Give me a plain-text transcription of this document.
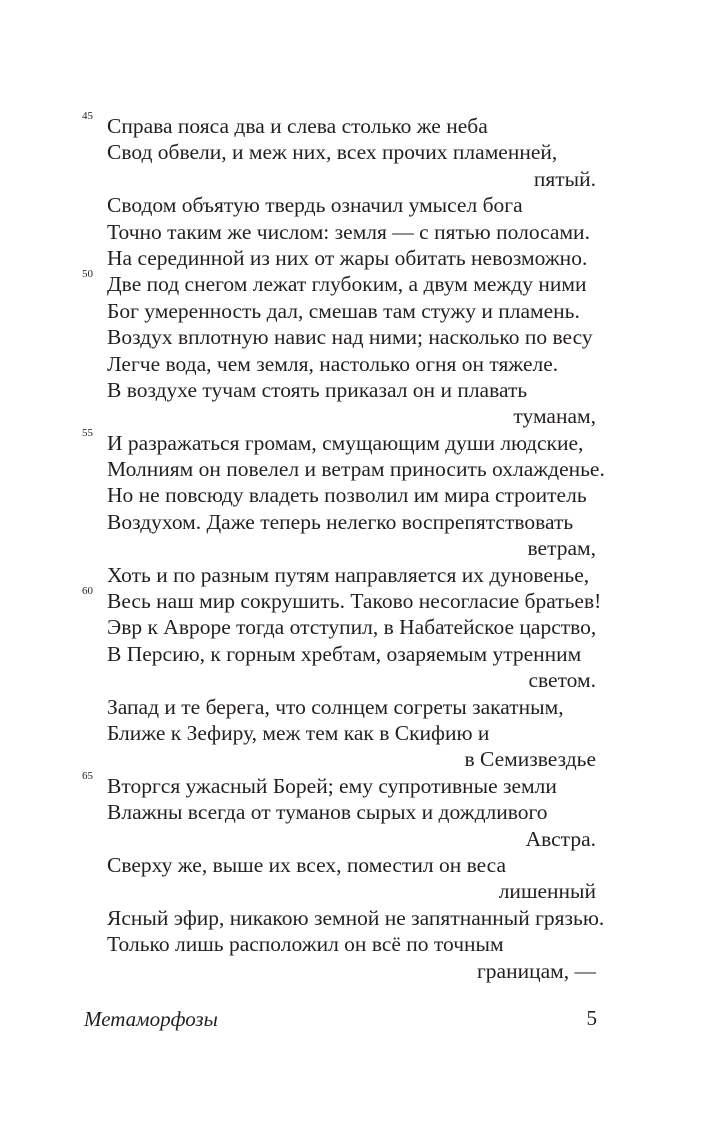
45 Справа пояса два и слева столько же неба
Свод обвели, и меж них, всех прочих пламенней,
пятый.
Сводом объятую твердь означил умысел бога
Точно таким же числом: земля — с пятью полосами.
На серединной из них от жары обитать невозможно.
50 Две под снегом лежат глубоким, а двум между ними
Бог умеренность дал, смешав там стужу и пламень.
Воздух вплотную навис над ними; насколько по весу
Легче вода, чем земля, настолько огня он тяжеле.
В воздухе тучам стоять приказал он и плавать
туманам,
55 И разражаться громам, смущающим души людские,
Молниям он повелел и ветрам приносить охлажденье.
Но не повсюду владеть позволил им мира строитель
Воздухом. Даже теперь нелегко воспрепятствовать
ветрам,
Хоть и по разным путям направляется их дуновенье,
60 Весь наш мир сокрушить. Таково несогласие братьев!
Эвр к Авроре тогда отступил, в Набатейское царство,
В Персию, к горным хребтам, озаряемым утренним
светом.
Запад и те берега, что солнцем согреты закатным,
Ближе к Зефиру, меж тем как в Скифию и
в Семизвездье
65 Вторгся ужасный Борей; ему супротивные земли
Влажны всегда от туманов сырых и дождливого
Австра.
Сверху же, выше их всех, поместил он веса
лишенный
Ясный эфир, никакою земной не запятнанный грязью.
Только лишь расположил он всё по точным
границам, —
Метаморфозы	5
